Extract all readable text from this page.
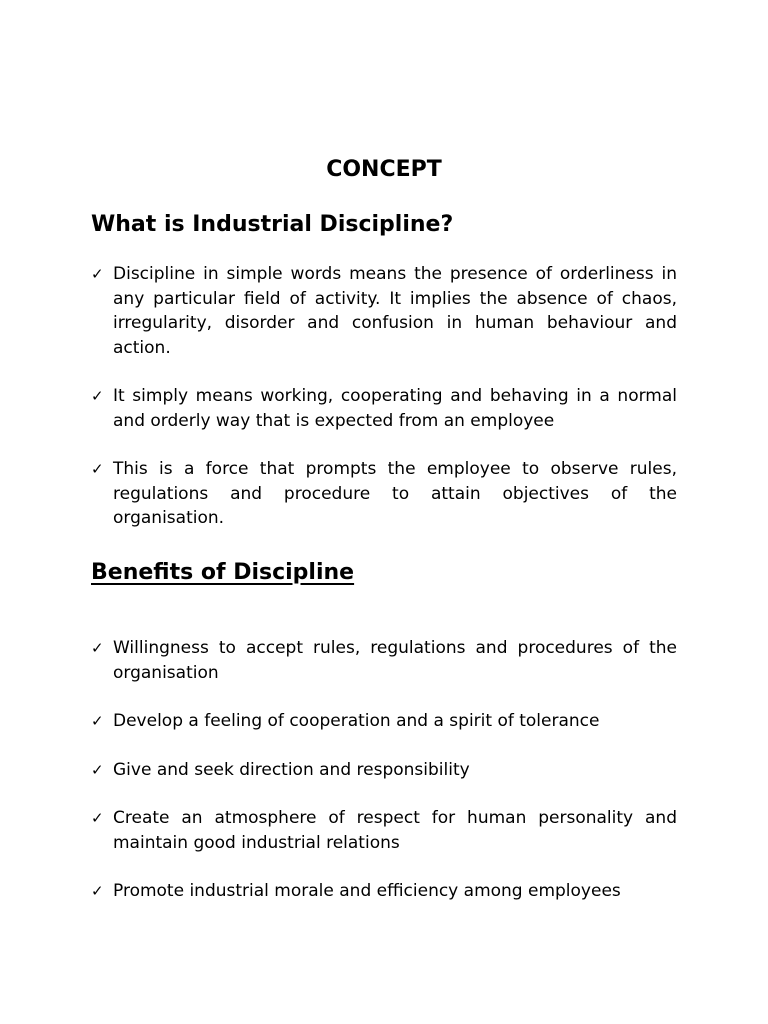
CONCEPT
What is Industrial Discipline?
✓ Discipline in simple words means the presence of orderliness in any particular field of activity. It implies the absence of chaos, irregularity, disorder and confusion in human behaviour and action.
✓ It simply means working, cooperating and behaving in a normal and orderly way that is expected from an employee
✓ This is a force that prompts the employee to observe rules, regulations and procedure to attain objectives of the organisation.
Benefits of Discipline
✓ Willingness to accept rules, regulations and procedures of the organisation
✓ Develop a feeling of cooperation and a spirit of tolerance
✓ Give and seek direction and responsibility
✓ Create an atmosphere of respect for human personality and maintain good industrial relations
✓ Promote industrial morale and efficiency among employees
